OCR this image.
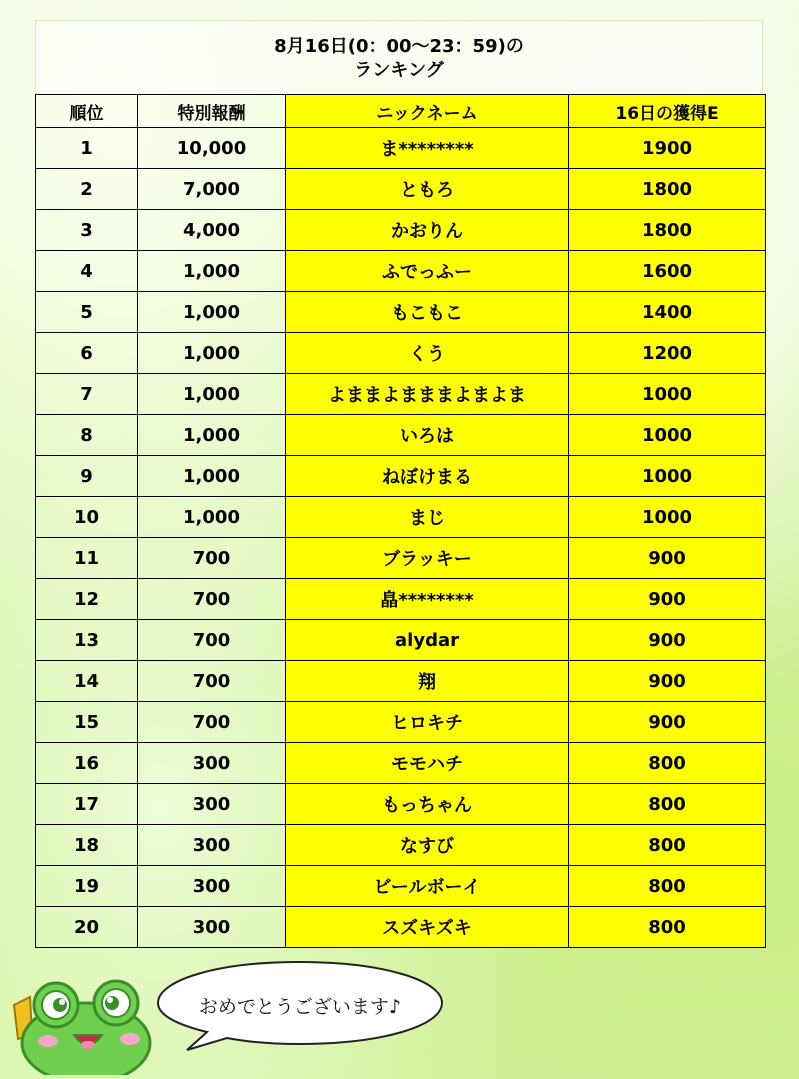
8月16日(0：00〜23：59)の
ランキング
順位	特別報酬	ニックネーム	16日の獲得E
1	10,000	ま********	1900
2	7,000	ともろ	1800
3	4,000	かおりん	1800
4	1,000	ふでっふー	1600
5	1,000	もこもこ	1400
6	1,000	くう	1200
7	1,000	よままよまままよまよま	1000
8	1,000	いろは	1000
9	1,000	ねぼけまる	1000
10	1,000	まじ	1000
11	700	ブラッキー	900
12	700	皛********	900
13	700	alydar	900
14	700	翔	900
15	700	ヒロキチ	900
16	300	モモハチ	800
17	300	もっちゃん	800
18	300	なすび	800
19	300	ビールボーイ	800
20	300	スズキズキ	800
おめでとうございます♪
